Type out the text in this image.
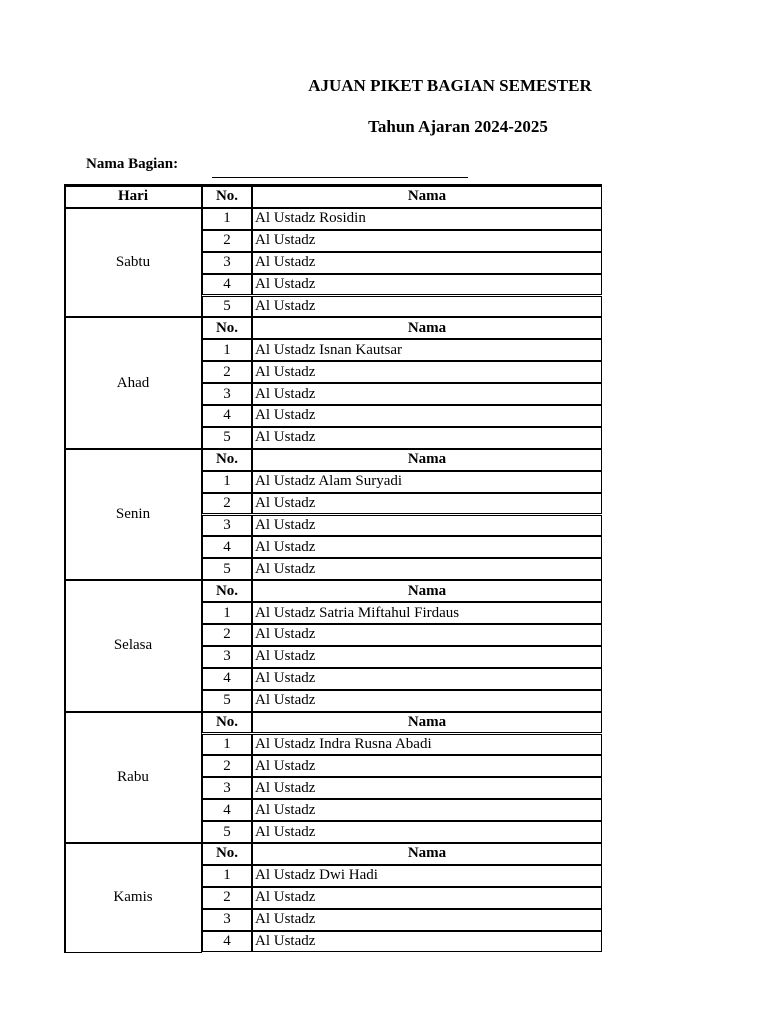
AJUAN PIKET BAGIAN SEMESTER
Tahun Ajaran 2024-2025
Nama Bagian:
Hari
Sabtu
No.	Nama
1	Al Ustadz Rosidin
2	Al Ustadz
3	Al Ustadz
4	Al Ustadz
5	Al Ustadz
Ahad
No.	Nama
1	Al Ustadz Isnan Kautsar
2	Al Ustadz
3	Al Ustadz
4	Al Ustadz
5	Al Ustadz
Senin
No.	Nama
1	Al Ustadz Alam Suryadi
2	Al Ustadz
3	Al Ustadz
4	Al Ustadz
5	Al Ustadz
Selasa
No.	Nama
1	Al Ustadz Satria Miftahul Firdaus
2	Al Ustadz
3	Al Ustadz
4	Al Ustadz
5	Al Ustadz
Rabu
No.	Nama
1	Al Ustadz Indra Rusna Abadi
2	Al Ustadz
3	Al Ustadz
4	Al Ustadz
5	Al Ustadz
Kamis
No.	Nama
1	Al Ustadz Dwi Hadi
2	Al Ustadz
3	Al Ustadz
4	Al Ustadz
